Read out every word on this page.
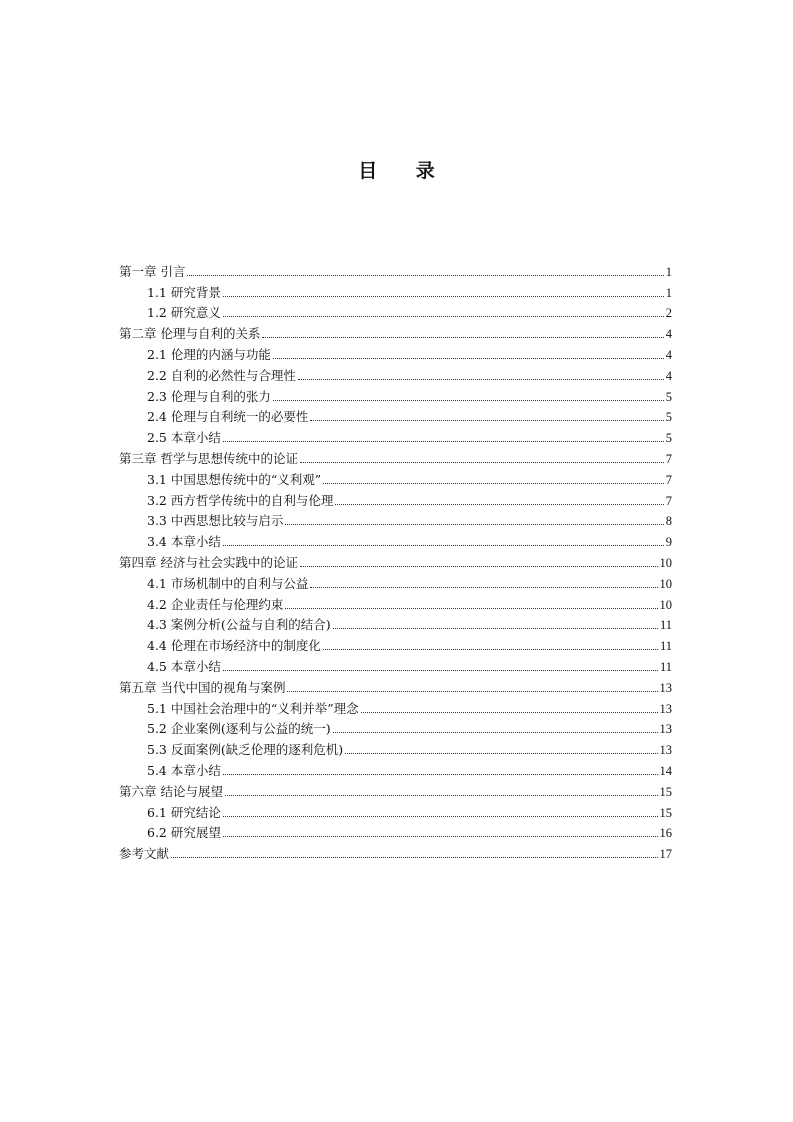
目 录
第一章 引言	1
1.1 研究背景	1
1.2 研究意义	2
第二章 伦理与自利的关系	4
2.1 伦理的内涵与功能	4
2.2 自利的必然性与合理性	4
2.3 伦理与自利的张力	5
2.4 伦理与自利统一的必要性	5
2.5 本章小结	5
第三章 哲学与思想传统中的论证	7
3.1 中国思想传统中的“义利观”	7
3.2 西方哲学传统中的自利与伦理	7
3.3 中西思想比较与启示	8
3.4 本章小结	9
第四章 经济与社会实践中的论证	10
4.1 市场机制中的自利与公益	10
4.2 企业责任与伦理约束	10
4.3 案例分析(公益与自利的结合)	11
4.4 伦理在市场经济中的制度化	11
4.5 本章小结	11
第五章 当代中国的视角与案例	13
5.1 中国社会治理中的“义利并举”理念	13
5.2 企业案例(逐利与公益的统一)	13
5.3 反面案例(缺乏伦理的逐利危机)	13
5.4 本章小结	14
第六章 结论与展望	15
6.1 研究结论	15
6.2 研究展望	16
参考文献	17
